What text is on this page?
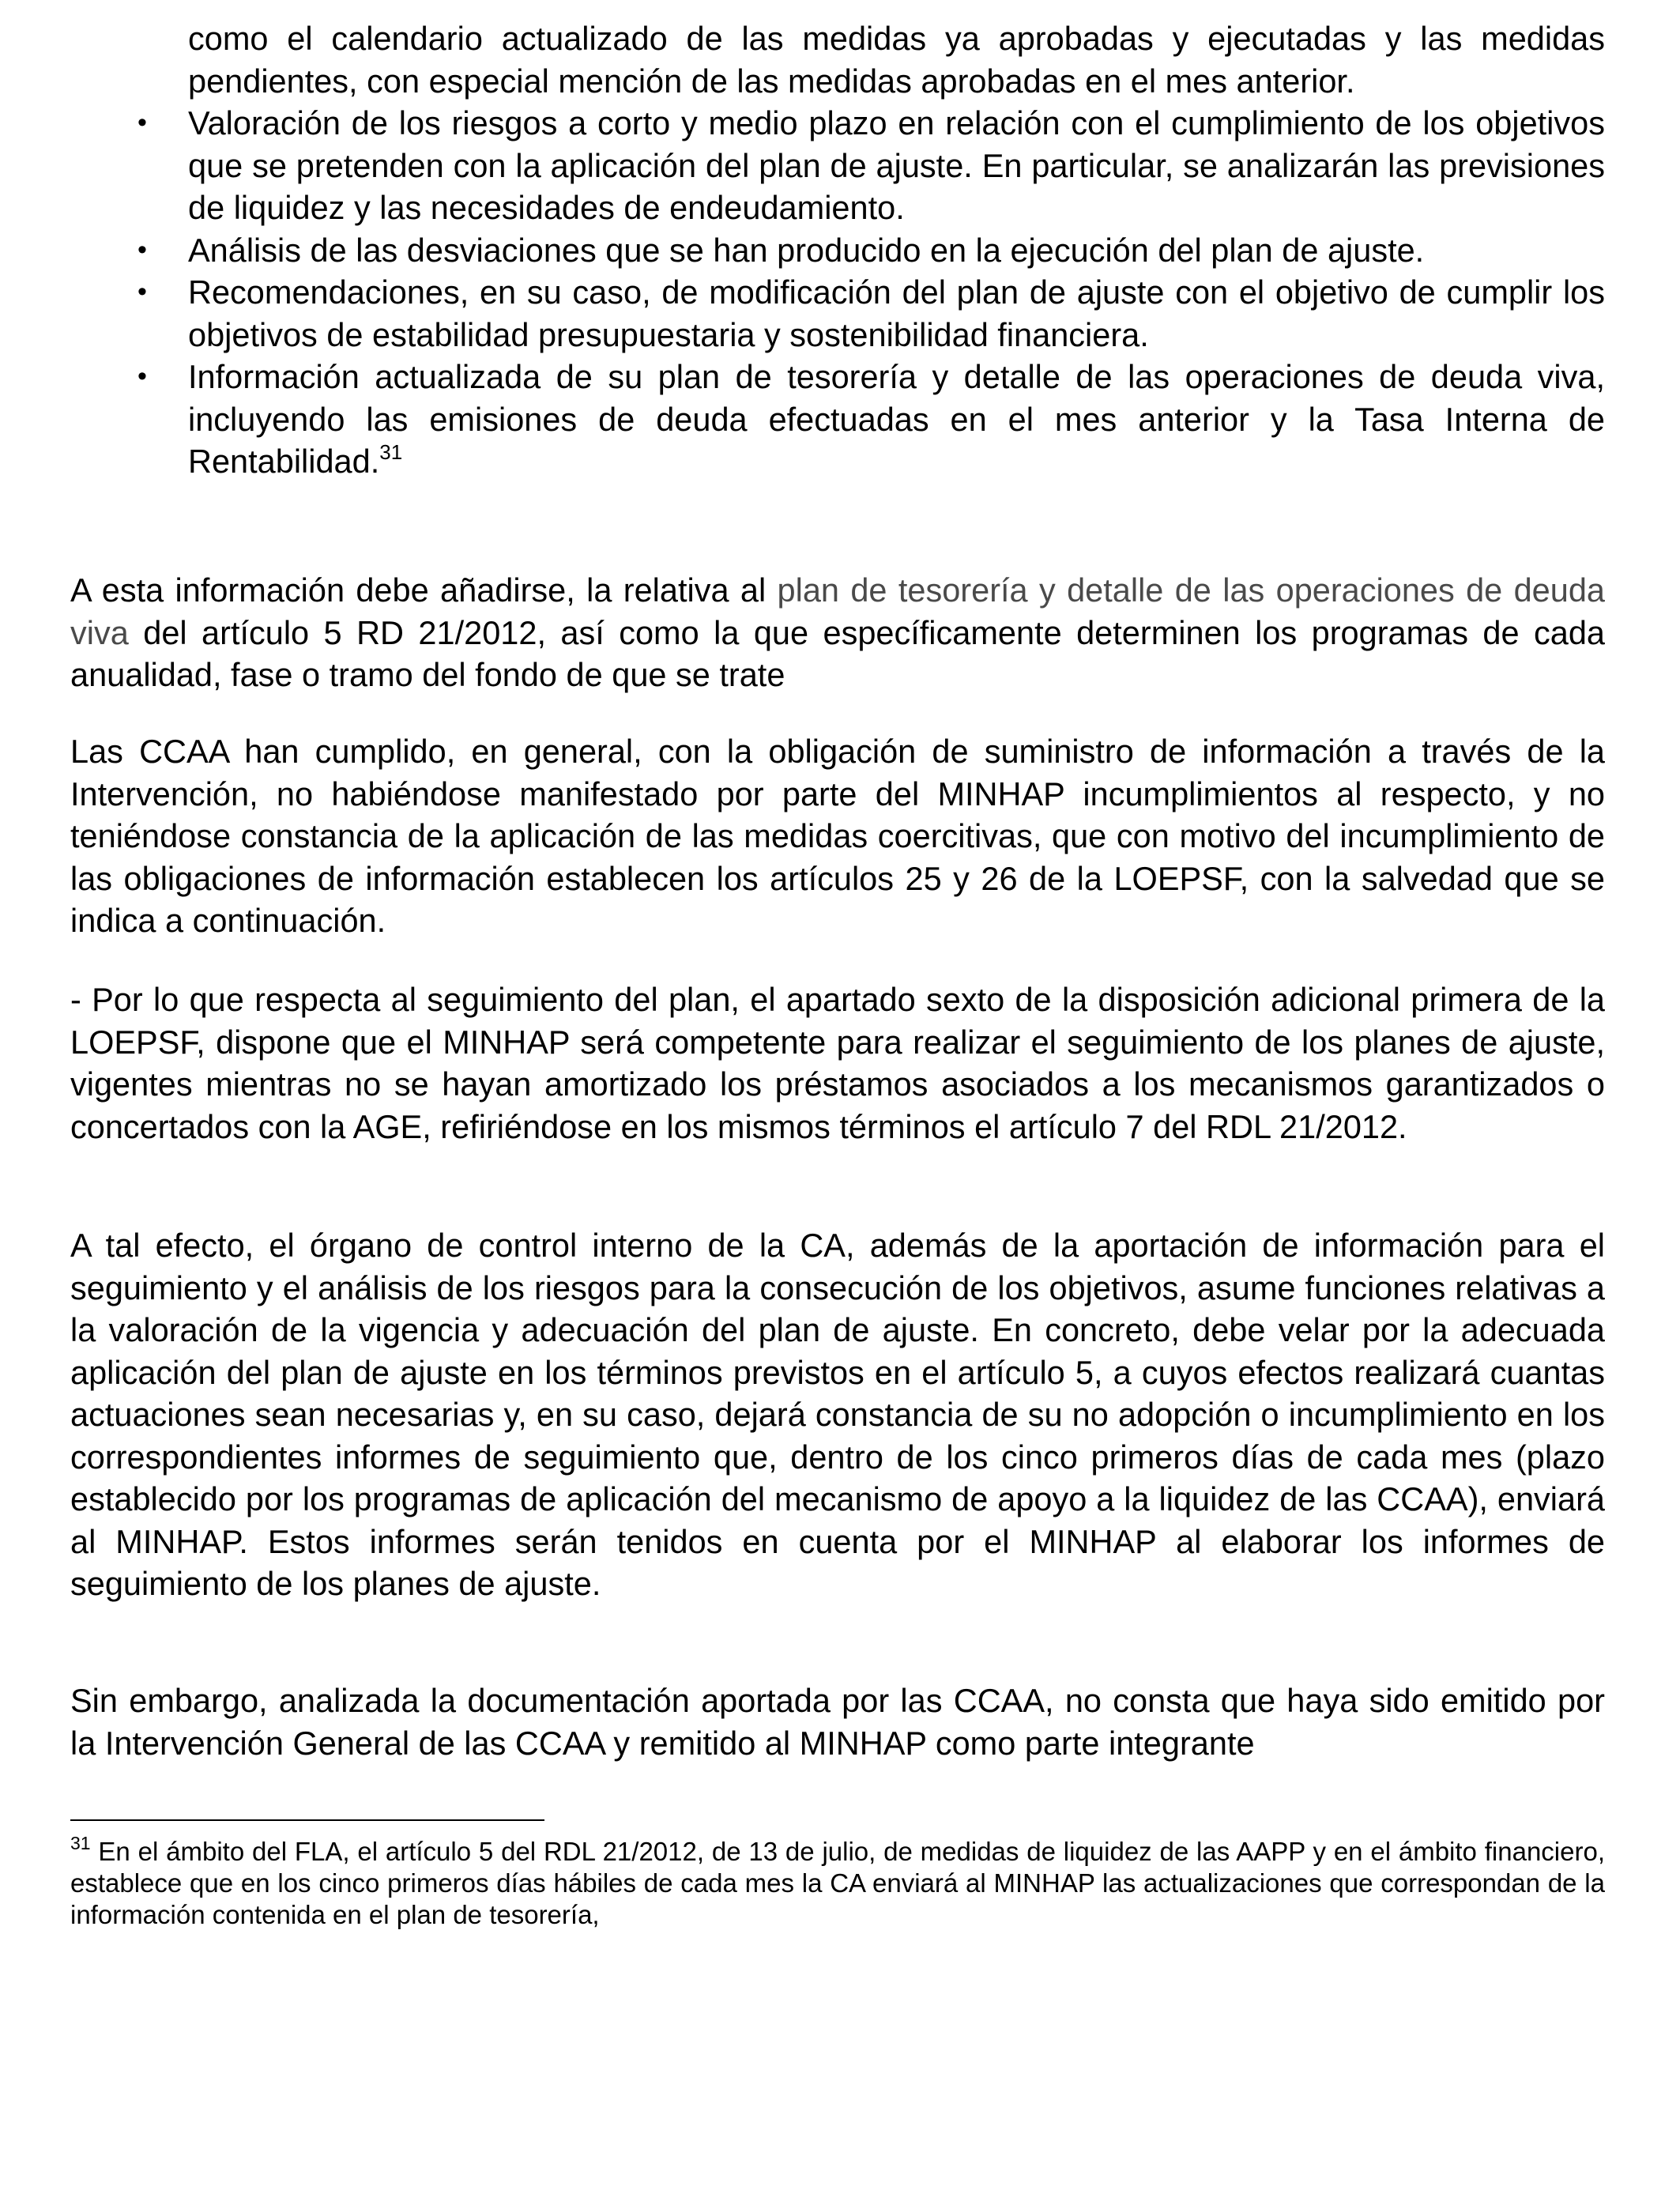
como el calendario actualizado de las medidas ya aprobadas y ejecutadas y las medidas pendientes, con especial mención de las medidas aprobadas en el mes anterior.
• Valoración de los riesgos a corto y medio plazo en relación con el cumplimiento de los objetivos que se pretenden con la aplicación del plan de ajuste. En particular, se analizarán las previsiones de liquidez y las necesidades de endeudamiento.
• Análisis de las desviaciones que se han producido en la ejecución del plan de ajuste.
• Recomendaciones, en su caso, de modificación del plan de ajuste con el objetivo de cumplir los objetivos de estabilidad presupuestaria y sostenibilidad financiera.
• Información actualizada de su plan de tesorería y detalle de las operaciones de deuda viva, incluyendo las emisiones de deuda efectuadas en el mes anterior y la Tasa Interna de Rentabilidad.$^{31}$

A esta información debe añadirse, la relativa al plan de tesorería y detalle de las operaciones de deuda viva del artículo 5 RD 21/2012, así como la que específicamente determinen los programas de cada anualidad, fase o tramo del fondo de que se trate

Las CCAA han cumplido, en general, con la obligación de suministro de información a través de la Intervención, no habiéndose manifestado por parte del MINHAP incumplimientos al respecto, y no teniéndose constancia de la aplicación de las medidas coercitivas, que con motivo del incumplimiento de las obligaciones de información establecen los artículos 25 y 26 de la LOEPSF, con la salvedad que se indica a continuación.

- Por lo que respecta al seguimiento del plan, el apartado sexto de la disposición adicional primera de la LOEPSF, dispone que el MINHAP será competente para realizar el seguimiento de los planes de ajuste, vigentes mientras no se hayan amortizado los préstamos asociados a los mecanismos garantizados o concertados con la AGE, refiriéndose en los mismos términos el artículo 7 del RDL 21/2012.

A tal efecto, el órgano de control interno de la CA, además de la aportación de información para el seguimiento y el análisis de los riesgos para la consecución de los objetivos, asume funciones relativas a la valoración de la vigencia y adecuación del plan de ajuste. En concreto, debe velar por la adecuada aplicación del plan de ajuste en los términos previstos en el artículo 5, a cuyos efectos realizará cuantas actuaciones sean necesarias y, en su caso, dejará constancia de su no adopción o incumplimiento en los correspondientes informes de seguimiento que, dentro de los cinco primeros días de cada mes (plazo establecido por los programas de aplicación del mecanismo de apoyo a la liquidez de las CCAA), enviará al MINHAP. Estos informes serán tenidos en cuenta por el MINHAP al elaborar los informes de seguimiento de los planes de ajuste.

Sin embargo, analizada la documentación aportada por las CCAA, no consta que haya sido emitido por la Intervención General de las CCAA y remitido al MINHAP como parte integrante

$^{31}$ En el ámbito del FLA, el artículo 5 del RDL 21/2012, de 13 de julio, de medidas de liquidez de las AAPP y en el ámbito financiero, establece que en los cinco primeros días hábiles de cada mes la CA enviará al MINHAP las actualizaciones que correspondan de la información contenida en el plan de tesorería,
